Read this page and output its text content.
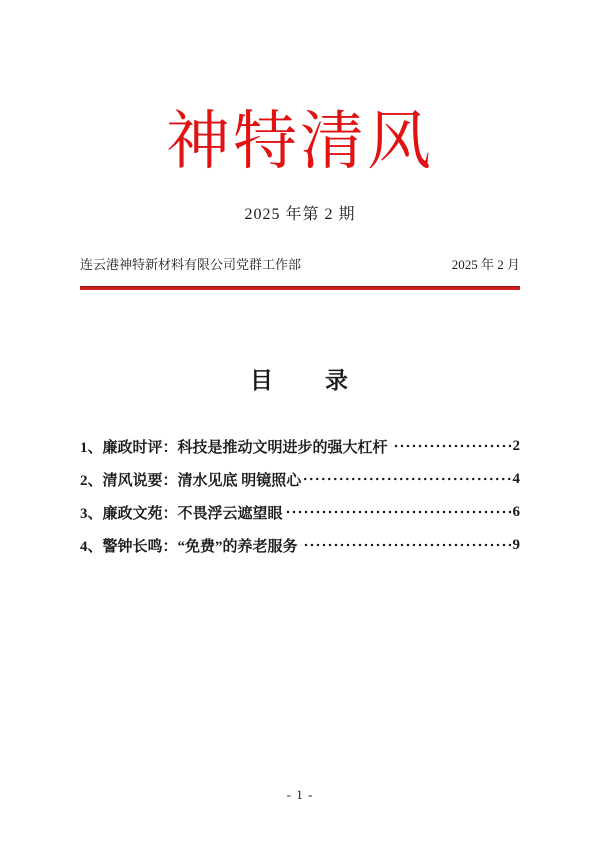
神特清风
2025 年第 2 期
连云港神特新材料有限公司党群工作部	2025 年 2 月
目　　录
1、廉政时评：科技是推动文明进步的强大杠杆	2
2、清风说要：清水见底 明镜照心	4
3、廉政文苑：不畏浮云遮望眼	6
4、警钟长鸣：“免费”的养老服务	9
- 1 -
